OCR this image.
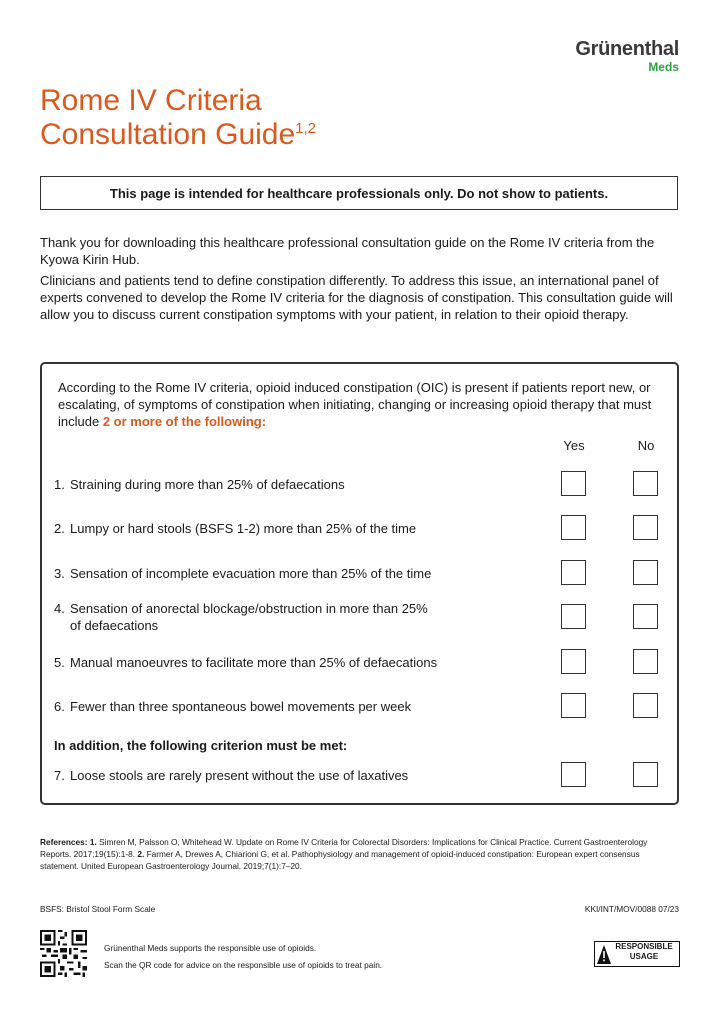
Grünenthal
Meds
Rome IV Criteria
Consultation Guide$^{1,2}$
This page is intended for healthcare professionals only. Do not show to patients.

Thank you for downloading this healthcare professional consultation guide on the Rome IV criteria from the Kyowa Kirin Hub.

Clinicians and patients tend to define constipation differently. To address this issue, an international panel of experts convened to develop the Rome IV criteria for the diagnosis of constipation. This consultation guide will allow you to discuss current constipation symptoms with your patient, in relation to their opioid therapy.

According to the Rome IV criteria, opioid induced constipation (OIC) is present if patients report new, or escalating, of symptoms of constipation when initiating, changing or increasing opioid therapy that must include 2 or more of the following:

Yes	No
1. Straining during more than 25% of defaecations
2. Lumpy or hard stools (BSFS 1-2) more than 25% of the time
3. Sensation of incomplete evacuation more than 25% of the time
4. Sensation of anorectal blockage/obstruction in more than 25% of defaecations
5. Manual manoeuvres to facilitate more than 25% of defaecations
6. Fewer than three spontaneous bowel movements per week
In addition, the following criterion must be met:
7. Loose stools are rarely present without the use of laxatives

References: 1. Simren M, Palsson O, Whitehead W. Update on Rome IV Criteria for Colorectal Disorders: Implications for Clinical Practice. Current Gastroenterology Reports. 2017;19(15):1-8. 2. Farmer A, Drewes A, Chiarioni G, et al. Pathophysiology and management of opioid-induced constipation: European expert consensus statement. United European Gastroenterology Journal. 2019;7(1):7–20.

BSFS: Bristol Stool Form Scale	KKI/INT/MOV/0088 07/23
Grünenthal Meds supports the responsible use of opioids.
Scan the QR code for advice on the responsible use of opioids to treat pain.
RESPONSIBLE
USAGE
